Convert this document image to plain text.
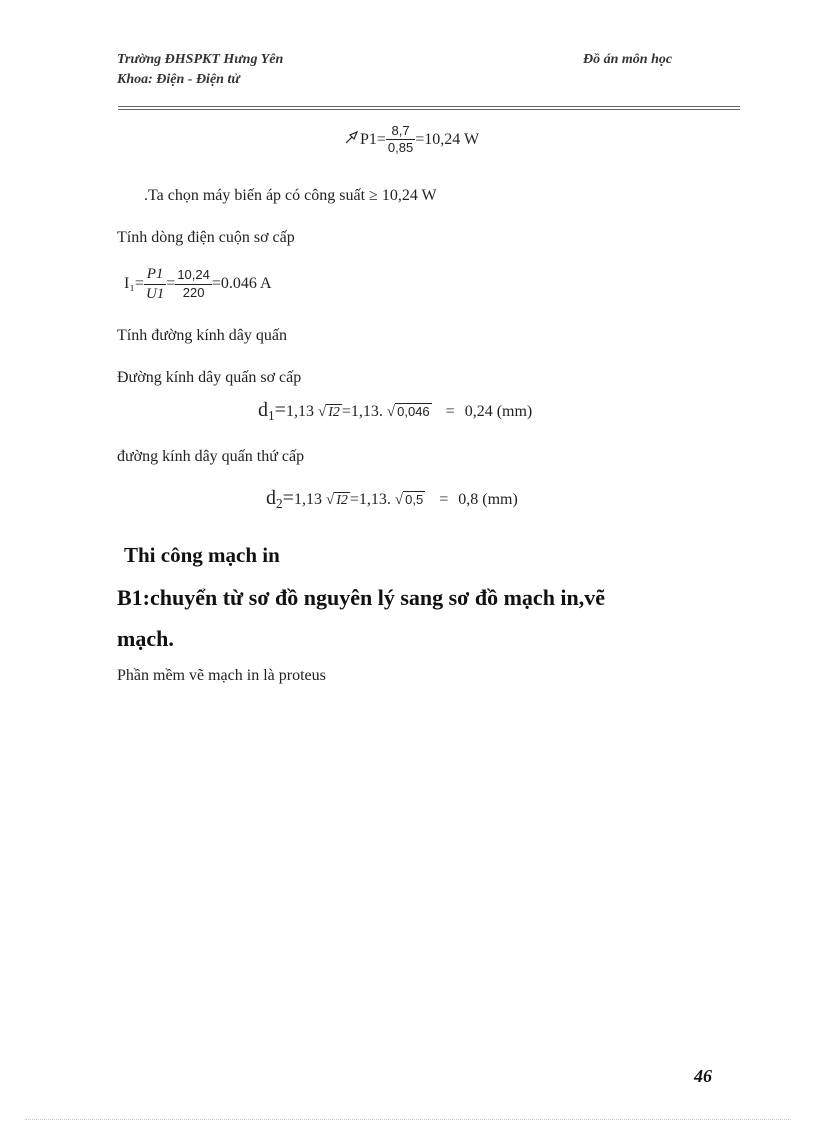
Trường ĐHSPKT Hưng Yên
Khoa: Điện - Điện tử
Đồ án môn học
$P1= \frac{8,7}{0,85} =10,24$ W
.Ta chọn máy biến áp có công suất ≥ 10,24 W
Tính dòng điện cuộn sơ cấp
$I_1= \frac{P1}{U1} = \frac{10,24}{220} =0.046$ A
Tính đường kính dây quấn
Đường kính dây quấn sơ cấp
$d_1=1,13$ √ I2 =1,13. √ 0,046 = 0,24 (mm)
đường kính dây quấn thứ cấp
$d_2=1,13$ √ I2 =1,13. √ 0,5 = 0,8 (mm)
Thi công mạch in
B1:chuyển từ sơ đồ nguyên lý sang sơ đồ mạch in,vẽ
mạch.
Phần mềm vẽ mạch in là proteus
46
